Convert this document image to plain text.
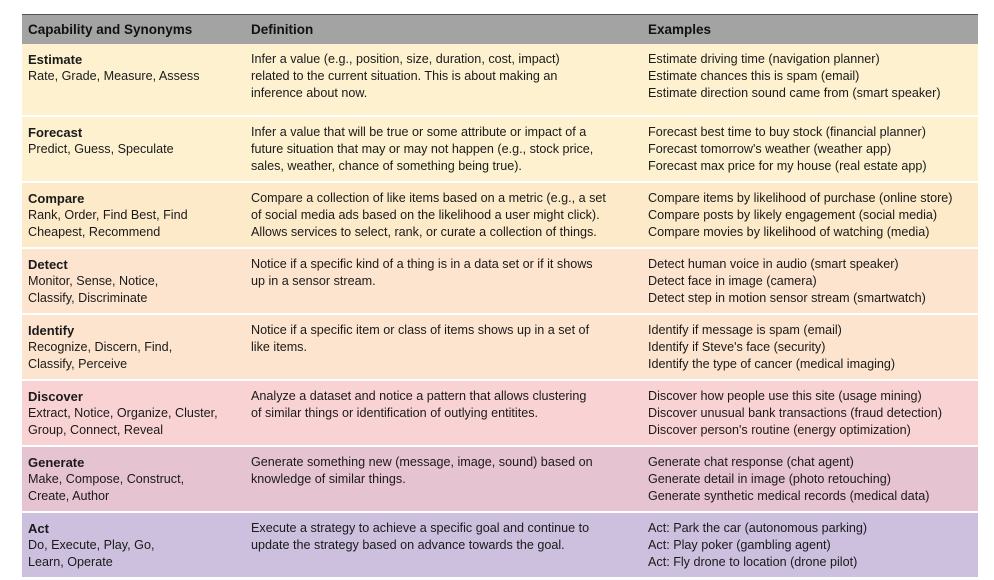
Capability and Synonyms	Definition	Examples

Estimate
Rate, Grade, Measure, Assess	Infer a value (e.g., position, size, duration, cost, impact)
related to the current situation. This is about making an
inference about now.	Estimate driving time (navigation planner)
Estimate chances this is spam (email)
Estimate direction sound came from (smart speaker)

Forecast
Predict, Guess, Speculate	Infer a value that will be true or some attribute or impact of a
future situation that may or may not happen (e.g., stock price,
sales, weather, chance of something being true).	Forecast best time to buy stock (financial planner)
Forecast tomorrow's weather (weather app)
Forecast max price for my house (real estate app)

Compare
Rank, Order, Find Best, Find
Cheapest, Recommend	Compare a collection of like items based on a metric (e.g., a set
of social media ads based on the likelihood a user might click).
Allows services to select, rank, or curate a collection of things.	Compare items by likelihood of purchase (online store)
Compare posts by likely engagement (social media)
Compare movies by likelihood of watching (media)

Detect
Monitor, Sense, Notice,
Classify, Discriminate	Notice if a specific kind of a thing is in a data set or if it shows
up in a sensor stream.	Detect human voice in audio (smart speaker)
Detect face in image (camera)
Detect step in motion sensor stream (smartwatch)

Identify
Recognize, Discern, Find,
Classify, Perceive	Notice if a specific item or class of items shows up in a set of
like items.	Identify if message is spam (email)
Identify if Steve's face (security)
Identify the type of cancer (medical imaging)

Discover
Extract, Notice, Organize, Cluster,
Group, Connect, Reveal	Analyze a dataset and notice a pattern that allows clustering
of similar things or identification of outlying entitites.	Discover how people use this site (usage mining)
Discover unusual bank transactions (fraud detection)
Discover person's routine (energy optimization)

Generate
Make, Compose, Construct,
Create, Author	Generate something new (message, image, sound) based on
knowledge of similar things.	Generate chat response (chat agent)
Generate detail in image (photo retouching)
Generate synthetic medical records (medical data)

Act
Do, Execute, Play, Go,
Learn, Operate	Execute a strategy to achieve a specific goal and continue to
update the strategy based on advance towards the goal.	Act: Park the car (autonomous parking)
Act: Play poker (gambling agent)
Act: Fly drone to location (drone pilot)
